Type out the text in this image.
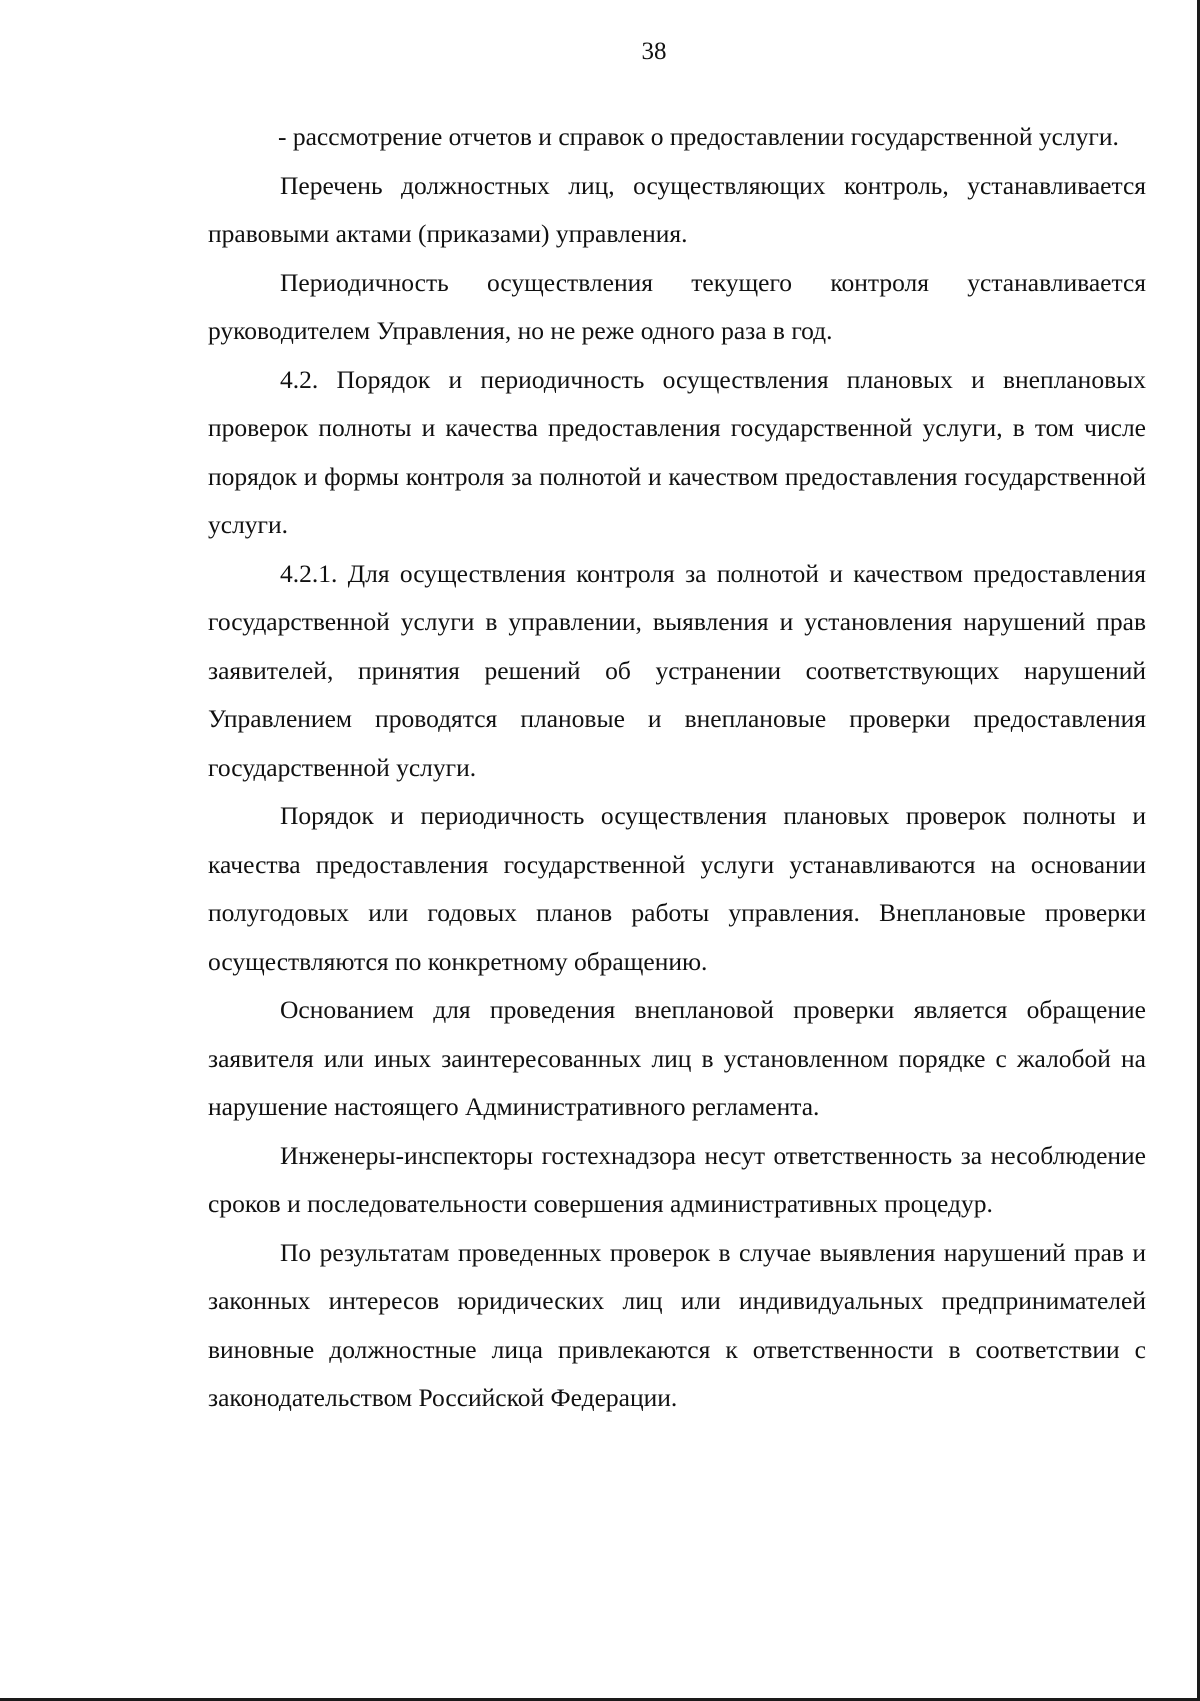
38

- рассмотрение отчетов и справок о предоставлении государственной услуги.

Перечень должностных лиц, осуществляющих контроль, устанавливается правовыми актами (приказами) управления.

Периодичность осуществления текущего контроля устанавливается руководителем Управления, но не реже одного раза в год.

4.2. Порядок и периодичность осуществления плановых и внеплановых проверок полноты и качества предоставления государственной услуги, в том числе порядок и формы контроля за полнотой и качеством предоставления государственной услуги.

4.2.1. Для осуществления контроля за полнотой и качеством предоставления государственной услуги в управлении, выявления и установления нарушений прав заявителей, принятия решений об устранении соответствующих нарушений Управлением проводятся плановые и внеплановые проверки предоставления государственной услуги.

Порядок и периодичность осуществления плановых проверок полноты и качества предоставления государственной услуги устанавливаются на основании полугодовых или годовых планов работы управления. Внеплановые проверки осуществляются по конкретному обращению.

Основанием для проведения внеплановой проверки является обращение заявителя или иных заинтересованных лиц в установленном порядке с жалобой на нарушение настоящего Административного регламента.

Инженеры-инспекторы гостехнадзора несут ответственность за несоблюдение сроков и последовательности совершения административных процедур.

По результатам проведенных проверок в случае выявления нарушений прав и законных интересов юридических лиц или индивидуальных предпринимателей виновные должностные лица привлекаются к ответственности в соответствии с законодательством Российской Федерации.
